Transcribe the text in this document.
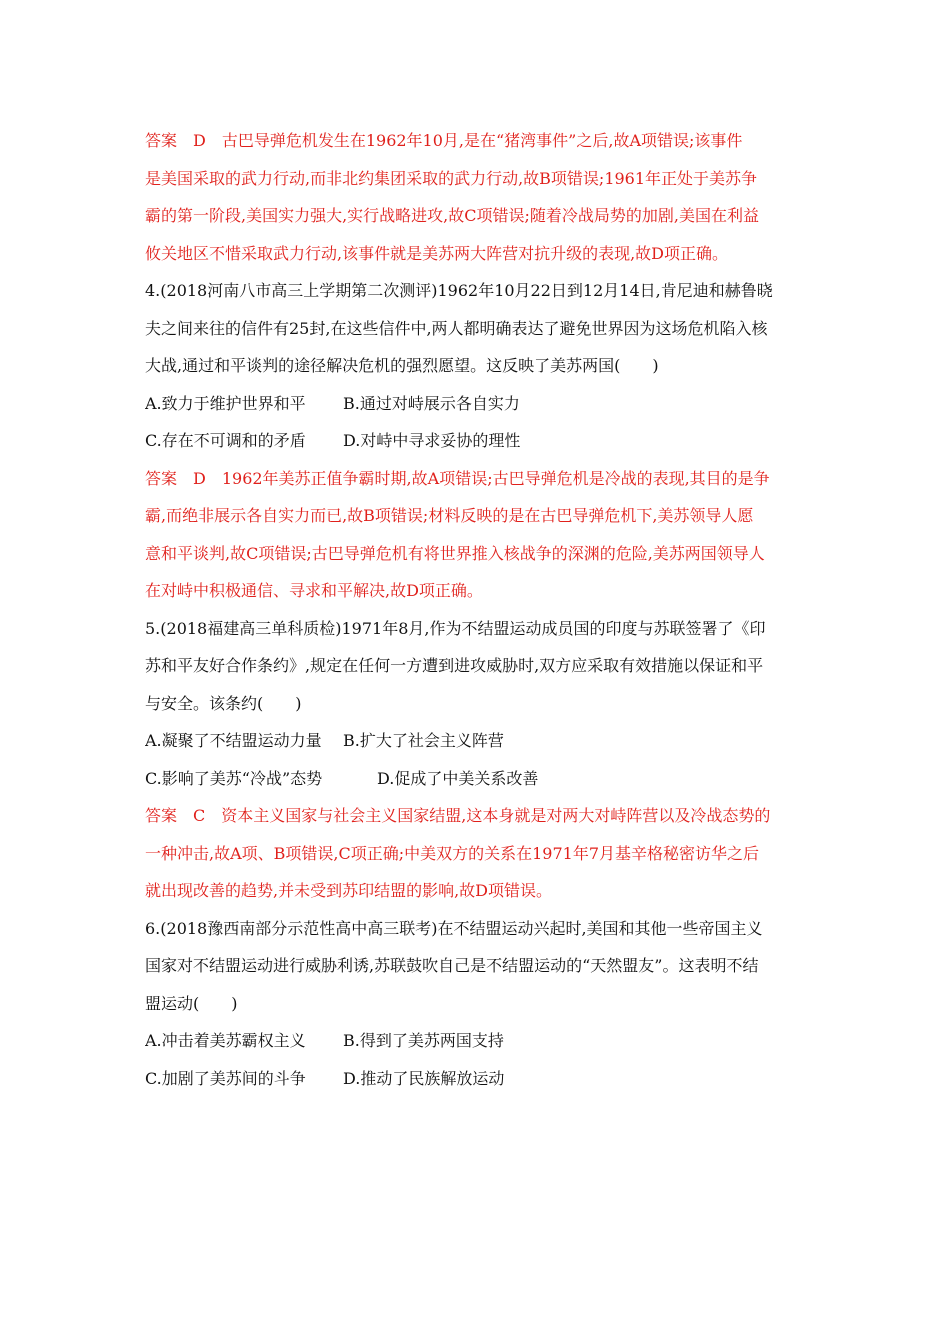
答案　D　古巴导弹危机发生在1962年10月,是在“猪湾事件”之后,故A项错误;该事件
是美国采取的武力行动,而非北约集团采取的武力行动,故B项错误;1961年正处于美苏争
霸的第一阶段,美国实力强大,实行战略进攻,故C项错误;随着冷战局势的加剧,美国在利益
攸关地区不惜采取武力行动,该事件就是美苏两大阵营对抗升级的表现,故D项正确。
4.(2018河南八市高三上学期第二次测评)1962年10月22日到12月14日,肯尼迪和赫鲁晓
夫之间来往的信件有25封,在这些信件中,两人都明确表达了避免世界因为这场危机陷入核
大战,通过和平谈判的途径解决危机的强烈愿望。这反映了美苏两国(　　)
A.致力于维护世界和平 B.通过对峙展示各自实力
C.存在不可调和的矛盾 D.对峙中寻求妥协的理性
答案　D　1962年美苏正值争霸时期,故A项错误;古巴导弹危机是冷战的表现,其目的是争
霸,而绝非展示各自实力而已,故B项错误;材料反映的是在古巴导弹危机下,美苏领导人愿
意和平谈判,故C项错误;古巴导弹危机有将世界推入核战争的深渊的危险,美苏两国领导人
在对峙中积极通信、寻求和平解决,故D项正确。
5.(2018福建高三单科质检)1971年8月,作为不结盟运动成员国的印度与苏联签署了《印
苏和平友好合作条约》,规定在任何一方遭到进攻威胁时,双方应采取有效措施以保证和平
与安全。该条约(　　)
A.凝聚了不结盟运动力量 B.扩大了社会主义阵营
C.影响了美苏“冷战”态势	D.促成了中美关系改善
答案　C　资本主义国家与社会主义国家结盟,这本身就是对两大对峙阵营以及冷战态势的
一种冲击,故A项、B项错误,C项正确;中美双方的关系在1971年7月基辛格秘密访华之后
就出现改善的趋势,并未受到苏印结盟的影响,故D项错误。
6.(2018豫西南部分示范性高中高三联考)在不结盟运动兴起时,美国和其他一些帝国主义
国家对不结盟运动进行威胁利诱,苏联鼓吹自己是不结盟运动的“天然盟友”。这表明不结
盟运动(　　)
A.冲击着美苏霸权主义 B.得到了美苏两国支持
C.加剧了美苏间的斗争 D.推动了民族解放运动
